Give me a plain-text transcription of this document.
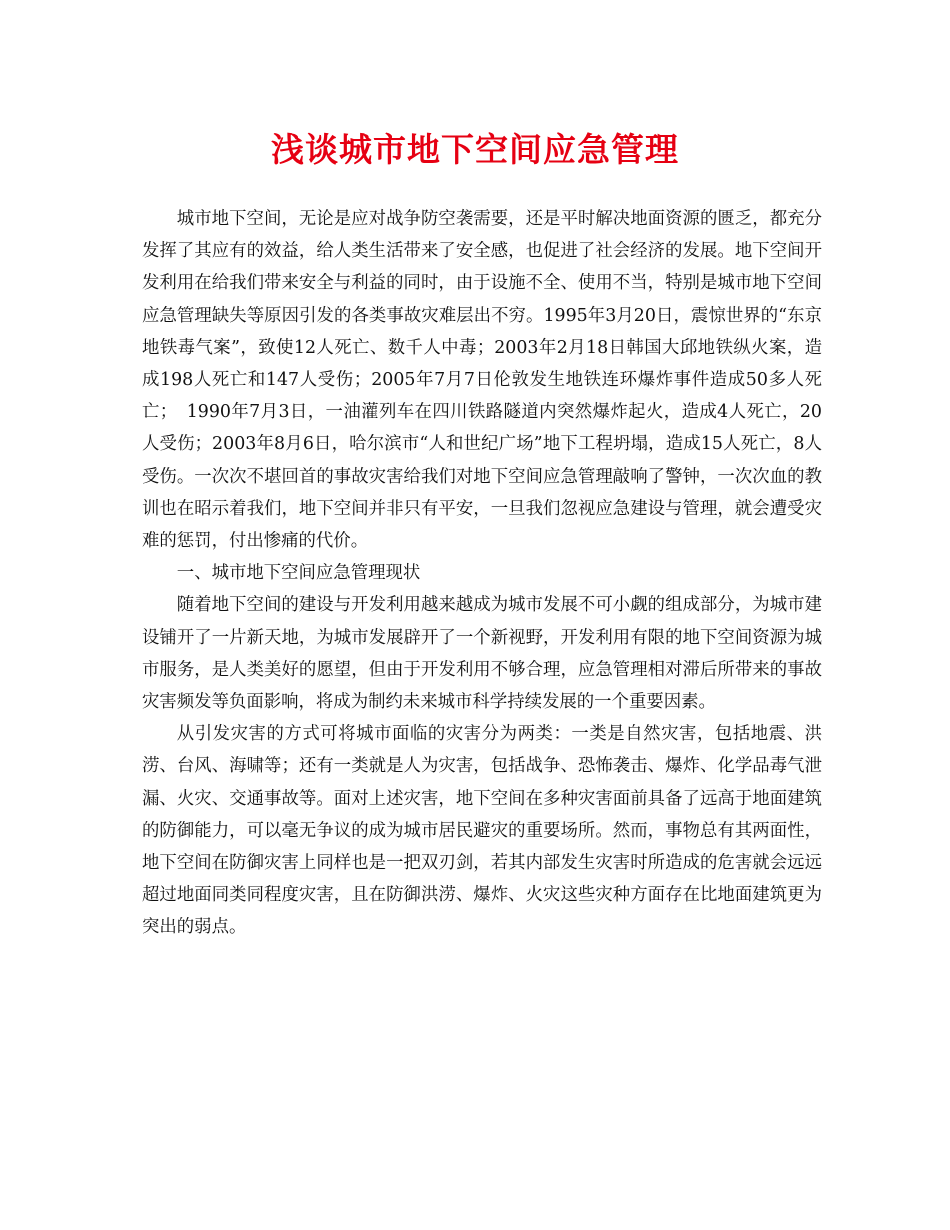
浅谈城市地下空间应急管理

城市地下空间，无论是应对战争防空袭需要，还是平时解决地面资源的匮乏，都充分发挥了其应有的效益，给人类生活带来了安全感，也促进了社会经济的发展。地下空间开发利用在给我们带来安全与利益的同时，由于设施不全、使用不当，特别是城市地下空间应急管理缺失等原因引发的各类事故灾难层出不穷。1995年3月20日，震惊世界的“东京地铁毒气案”，致使12人死亡、数千人中毒；2003年2月18日韩国大邱地铁纵火案，造成198人死亡和147人受伤；2005年7月7日伦敦发生地铁连环爆炸事件造成50多人死亡；　1990年7月3日，一油灌列车在四川铁路隧道内突然爆炸起火，造成4人死亡，20人受伤；2003年8月6日，哈尔滨市“人和世纪广场”地下工程坍塌，造成15人死亡，8人受伤。一次次不堪回首的事故灾害给我们对地下空间应急管理敲响了警钟，一次次血的教训也在昭示着我们，地下空间并非只有平安，一旦我们忽视应急建设与管理，就会遭受灾难的惩罚，付出惨痛的代价。

一、城市地下空间应急管理现状

随着地下空间的建设与开发利用越来越成为城市发展不可小觑的组成部分，为城市建设铺开了一片新天地，为城市发展辟开了一个新视野，开发利用有限的地下空间资源为城市服务，是人类美好的愿望，但由于开发利用不够合理，应急管理相对滞后所带来的事故灾害频发等负面影响，将成为制约未来城市科学持续发展的一个重要因素。

从引发灾害的方式可将城市面临的灾害分为两类：一类是自然灾害，包括地震、洪涝、台风、海啸等；还有一类就是人为灾害，包括战争、恐怖袭击、爆炸、化学品毒气泄漏、火灾、交通事故等。面对上述灾害，地下空间在多种灾害面前具备了远高于地面建筑的防御能力，可以毫无争议的成为城市居民避灾的重要场所。然而，事物总有其两面性，地下空间在防御灾害上同样也是一把双刃剑，若其内部发生灾害时所造成的危害就会远远超过地面同类同程度灾害，且在防御洪涝、爆炸、火灾这些灾种方面存在比地面建筑更为突出的弱点。
